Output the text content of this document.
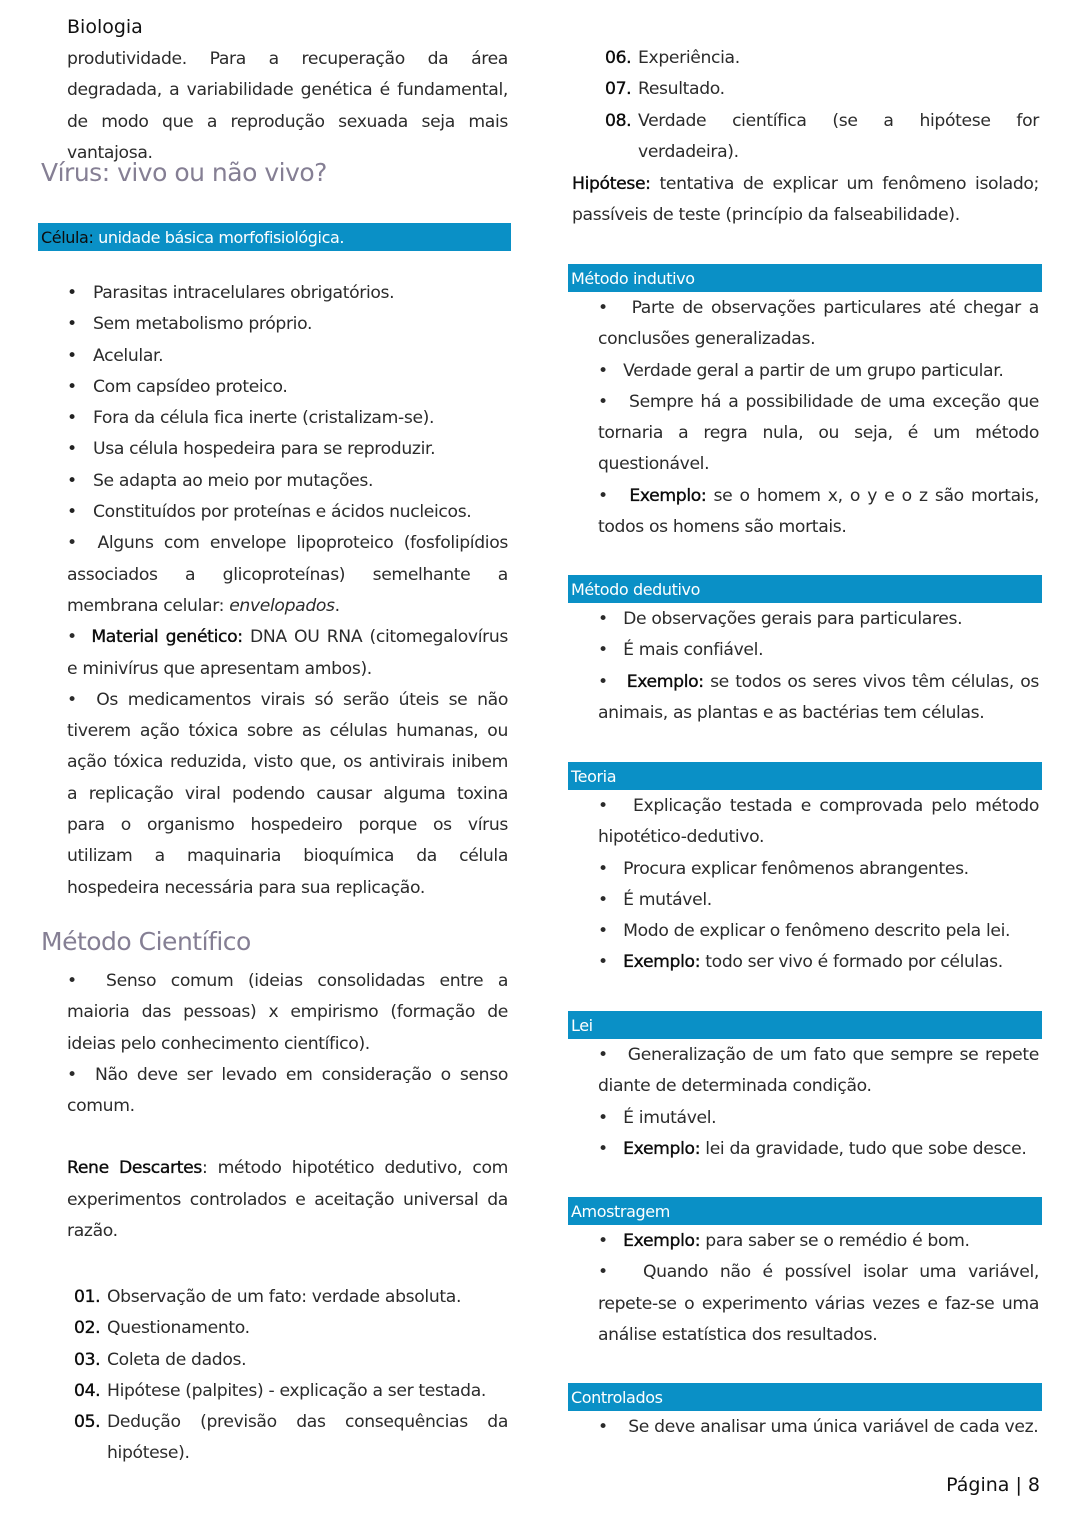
Biologia

produtividade. Para a recuperação da área degradada, a variabilidade genética é fundamental, de modo que a reprodução sexuada seja mais vantajosa.

Vírus: vivo ou não vivo?
Célula: unidade básica morfofisiológica.
• Parasitas intracelulares obrigatórios.
• Sem metabolismo próprio.
• Acelular.
• Com capsídeo proteico.
• Fora da célula fica inerte (cristalizam-se).
• Usa célula hospedeira para se reproduzir.
• Se adapta ao meio por mutações.
• Constituídos por proteínas e ácidos nucleicos.

•  Alguns com envelope lipoproteico (fosfolipídios associados a glicoproteínas) semelhante a membrana celular: envelopados.

•  Material genético: DNA OU RNA (citomegalovírus e minivírus que apresentam ambos).

•  Os medicamentos virais só serão úteis se não tiverem ação tóxica sobre as células humanas, ou ação tóxica reduzida, visto que, os antivirais inibem a replicação viral podendo causar alguma toxina para o organismo hospedeiro porque os vírus utilizam a maquinaria bioquímica da célula hospedeira necessária para sua replicação.

Método Científico

•  Senso comum (ideias consolidadas entre a maioria das pessoas) x empirismo (formação de ideias pelo conhecimento científico).

•  Não deve ser levado em consideração o senso comum.

Rene Descartes: método hipotético dedutivo, com experimentos controlados e aceitação universal da razão.

01. Observação de um fato: verdade absoluta.
02. Questionamento.
03. Coleta de dados.
04. Hipótese (palpites) - explicação a ser testada.
05. Dedução (previsão das consequências da hipótese).
06. Experiência.
07. Resultado.
08. Verdade científica (se a hipótese for verdadeira).

Hipótese: tentativa de explicar um fenômeno isolado; passíveis de teste (princípio da falseabilidade).

Método indutivo

•   Parte de observações particulares até chegar a conclusões generalizadas.

•   Verdade geral a partir de um grupo particular.

•   Sempre há a possibilidade de uma exceção que tornaria a regra nula, ou seja, é um método questionável.

•   Exemplo: se o homem x, o y e o z são mortais, todos os homens são mortais.

Método dedutivo

•   De observações gerais para particulares.

•   É mais confiável.

•   Exemplo: se todos os seres vivos têm células, os animais, as plantas e as bactérias tem células.

Teoria

•   Explicação testada e comprovada pelo método hipotético-dedutivo.

•   Procura explicar fenômenos abrangentes.

•   É mutável.

•   Modo de explicar o fenômeno descrito pela lei.

•   Exemplo: todo ser vivo é formado por células.

Lei

•   Generalização de um fato que sempre se repete diante de determinada condição.

•   É imutável.

•   Exemplo: lei da gravidade, tudo que sobe desce.

Amostragem

•   Exemplo: para saber se o remédio é bom.

•   Quando não é possível isolar uma variável, repete-se o experimento várias vezes e faz-se uma análise estatística dos resultados.

Controlados

•    Se deve analisar uma única variável de cada vez.

Página | 8
